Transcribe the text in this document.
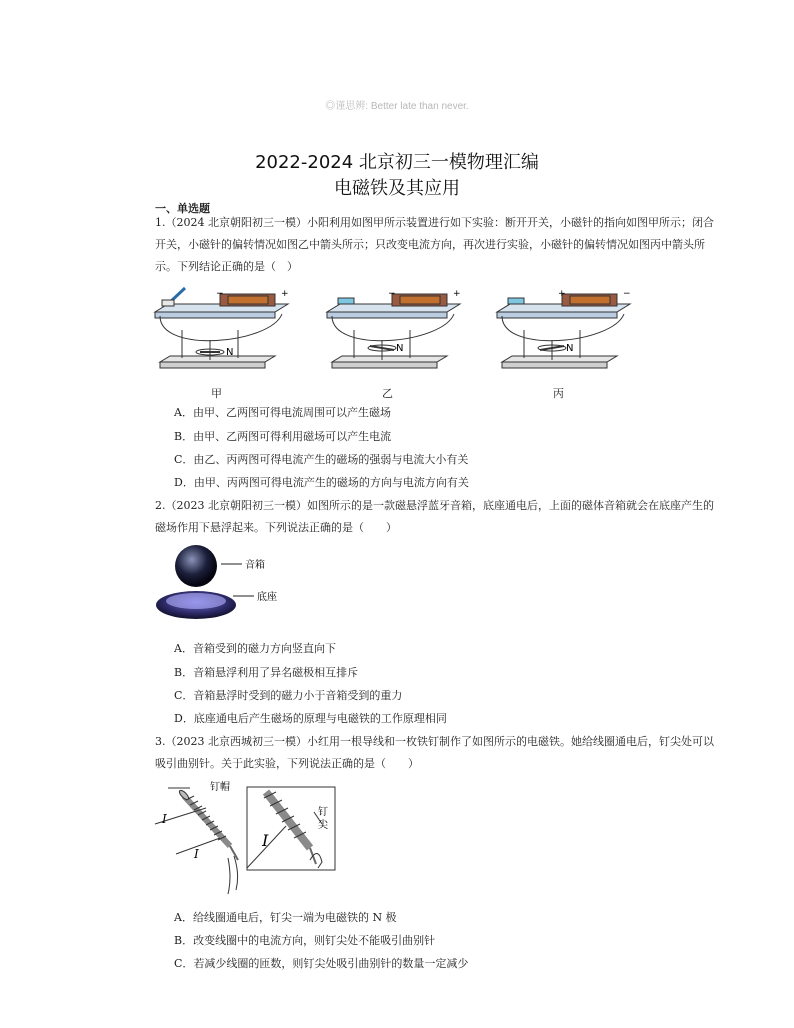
◎谨思辨: Better late than never.
2022-2024 北京初三一模物理汇编
电磁铁及其应用
一、单选题
1.（2024 北京朝阳初三一模）小阳利用如图甲所示装置进行如下实验：断开开关，小磁针的指向如图甲所示；闭合 开关，小磁针的偏转情况如图乙中箭头所示；只改变电流方向，再次进行实验，小磁针的偏转情况如图丙中箭头所示。下列结论正确的是（　）
+
−
N
+
−
N
+	−
N
甲	乙	丙
A．由甲、乙两图可得电流周围可以产生磁场
B．由甲、乙两图可得利用磁场可以产生电流
C．由乙、丙两图可得电流产生的磁场的强弱与电流大小有关
D．由甲、丙两图可得电流产生的磁场的方向与电流方向有关
2.（2023 北京朝阳初三一模）如图所示的是一款磁悬浮蓝牙音箱，底座通电后，上面的磁体音箱就会在底座产生的磁场作用下悬浮起来。下列说法正确的是（　　）
音箱
底座
A．音箱受到的磁力方向竖直向下
B．音箱悬浮利用了异名磁极相互排斥
C．音箱悬浮时受到的磁力小于音箱受到的重力
D．底座通电后产生磁场的原理与电磁铁的工作原理相同
3.（2023 北京西城初三一模）小红用一根导线和一枚铁钉制作了如图所示的电磁铁。她给线圈通电后，钉尖处可以吸引曲别针。关于此实验，下列说法正确的是（　　）
钉帽
钉
尖
I
I
I
A．给线圈通电后，钉尖一端为电磁铁的 N 极
B．改变线圈中的电流方向，则钉尖处不能吸引曲别针
C．若减少线圈的匝数，则钉尖处吸引曲别针的数量一定减少
